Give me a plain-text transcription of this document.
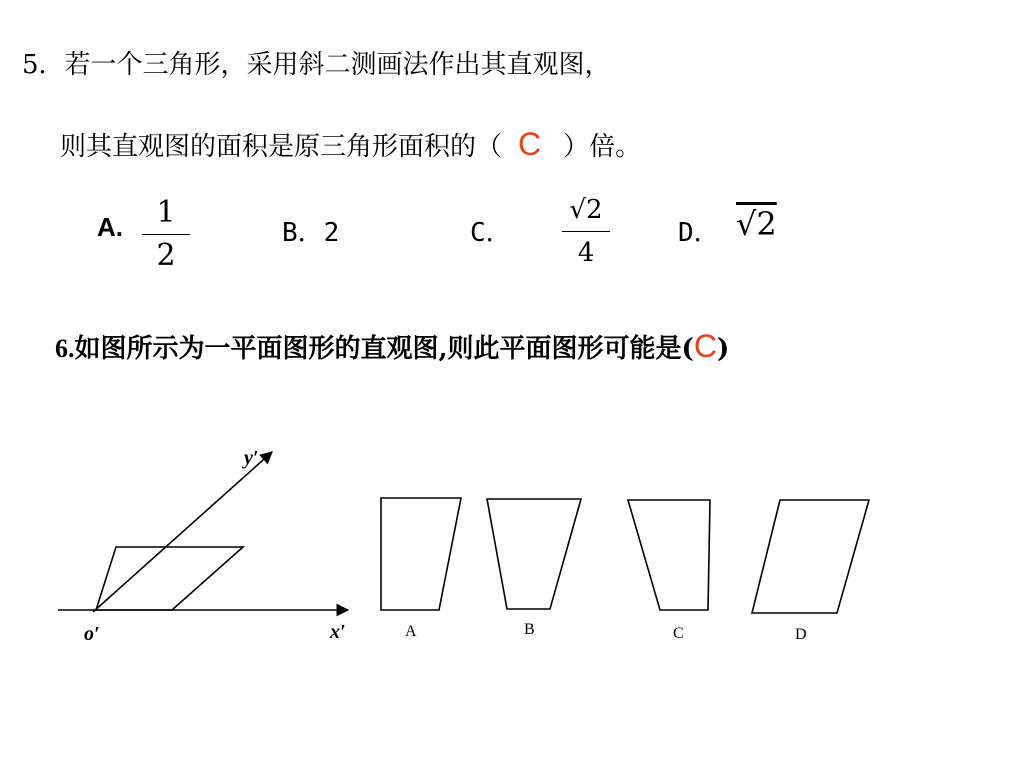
5．若一个三角形，采用斜二测画法作出其直观图，
则其直观图的面积是原三角形面积的（ C ）倍。
A.	1
2
B．2	C．
√2
4
D． √2
6.如图所示为一平面图形的直观图,则此平面图形可能是(C)
y′
x′
o′	A	B	C	D
